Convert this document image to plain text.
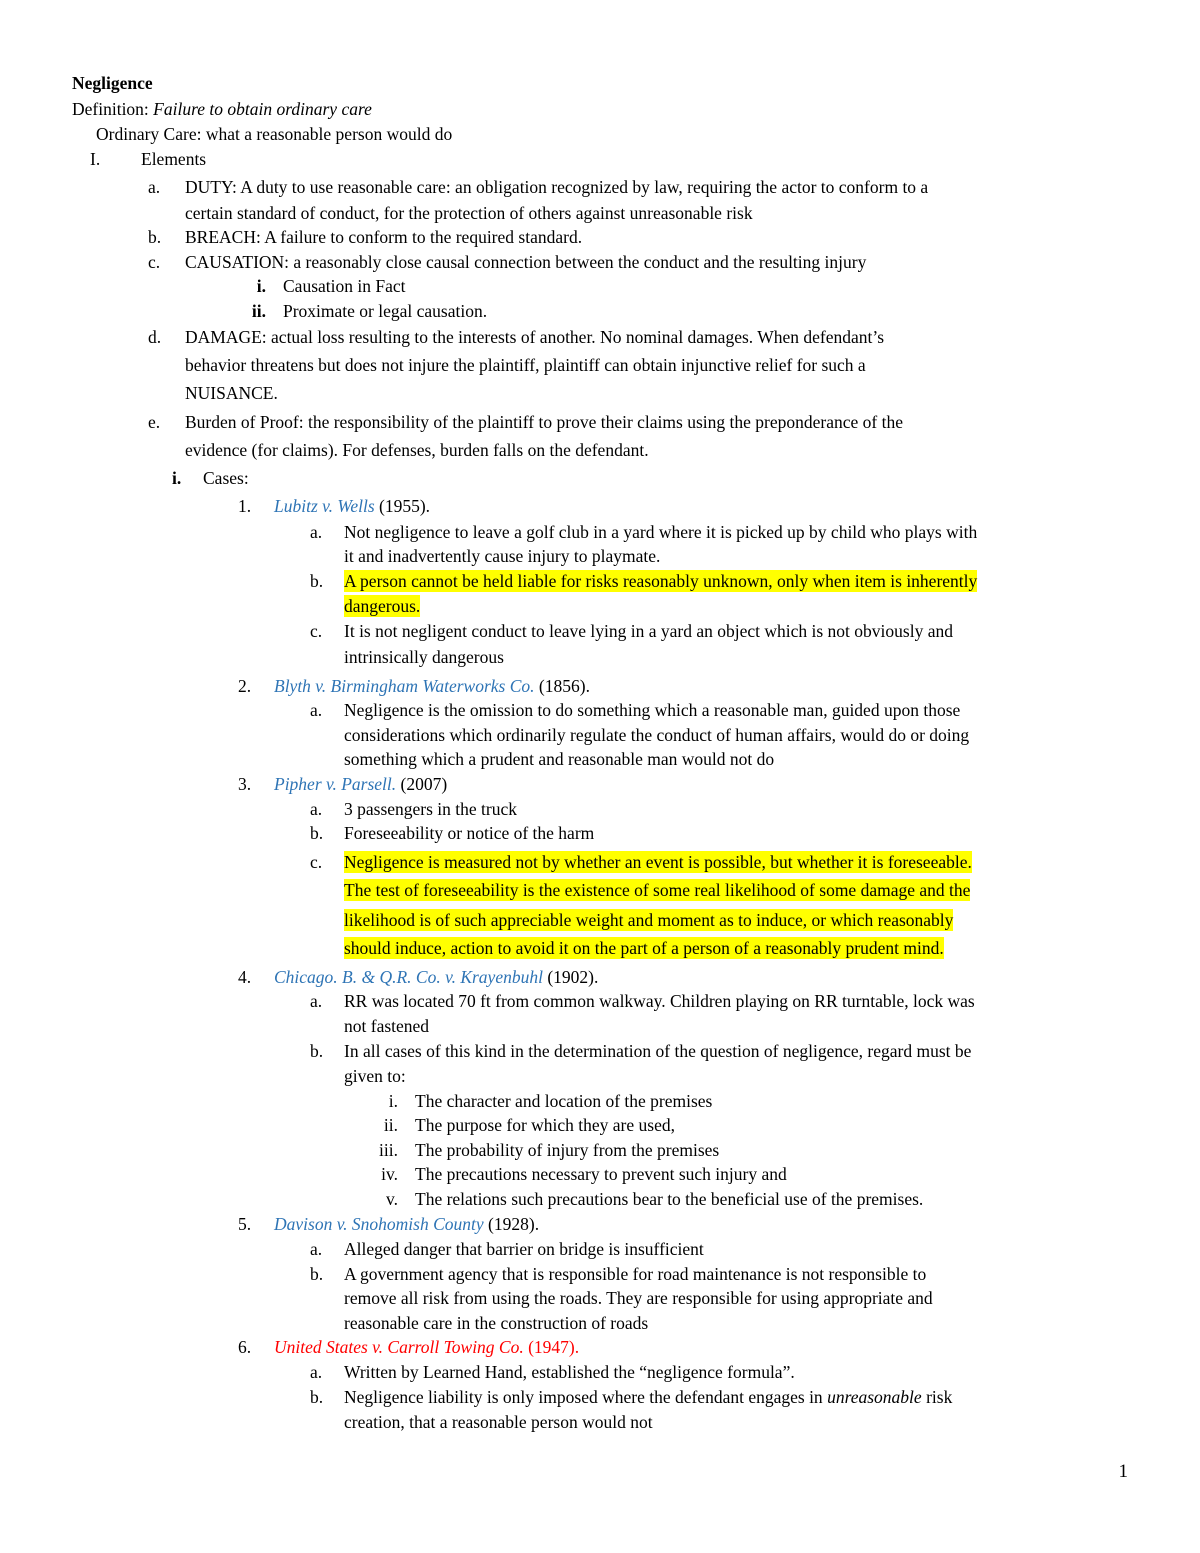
Negligence
Definition: Failure to obtain ordinary care
Ordinary Care: what a reasonable person would do
I. Elements
a. DUTY: A duty to use reasonable care: an obligation recognized by law, requiring the actor to conform to a
certain standard of conduct, for the protection of others against unreasonable risk
b. BREACH: A failure to conform to the required standard.
c. CAUSATION: a reasonably close causal connection between the conduct and the resulting injury
i. Causation in Fact
ii. Proximate or legal causation.
d. DAMAGE: actual loss resulting to the interests of another. No nominal damages. When defendant’s
behavior threatens but does not injure the plaintiff, plaintiff can obtain injunctive relief for such a
NUISANCE.
e. Burden of Proof: the responsibility of the plaintiff to prove their claims using the preponderance of the
evidence (for claims). For defenses, burden falls on the defendant.
i. Cases:
1. Lubitz v. Wells (1955).
a. Not negligence to leave a golf club in a yard where it is picked up by child who plays with
it and inadvertently cause injury to playmate.
b. A person cannot be held liable for risks reasonably unknown, only when item is inherently
dangerous.
c. It is not negligent conduct to leave lying in a yard an object which is not obviously and
intrinsically dangerous
2. Blyth v. Birmingham Waterworks Co. (1856).
a. Negligence is the omission to do something which a reasonable man, guided upon those
considerations which ordinarily regulate the conduct of human affairs, would do or doing
something which a prudent and reasonable man would not do
3. Pipher v. Parsell. (2007)
a. 3 passengers in the truck
b. Foreseeability or notice of the harm
c. Negligence is measured not by whether an event is possible, but whether it is foreseeable.
The test of foreseeability is the existence of some real likelihood of some damage and the
likelihood is of such appreciable weight and moment as to induce, or which reasonably
should induce, action to avoid it on the part of a person of a reasonably prudent mind.
4. Chicago. B. & Q.R. Co. v. Krayenbuhl (1902).
a. RR was located 70 ft from common walkway. Children playing on RR turntable, lock was
not fastened
b. In all cases of this kind in the determination of the question of negligence, regard must be
given to:
i. The character and location of the premises
ii. The purpose for which they are used,
iii. The probability of injury from the premises
iv. The precautions necessary to prevent such injury and
v. The relations such precautions bear to the beneficial use of the premises.
5. Davison v. Snohomish County (1928).
a. Alleged danger that barrier on bridge is insufficient
b. A government agency that is responsible for road maintenance is not responsible to
remove all risk from using the roads. They are responsible for using appropriate and
reasonable care in the construction of roads
6. United States v. Carroll Towing Co. (1947).
a. Written by Learned Hand, established the “negligence formula”.
b. Negligence liability is only imposed where the defendant engages in unreasonable risk
creation, that a reasonable person would not
1
